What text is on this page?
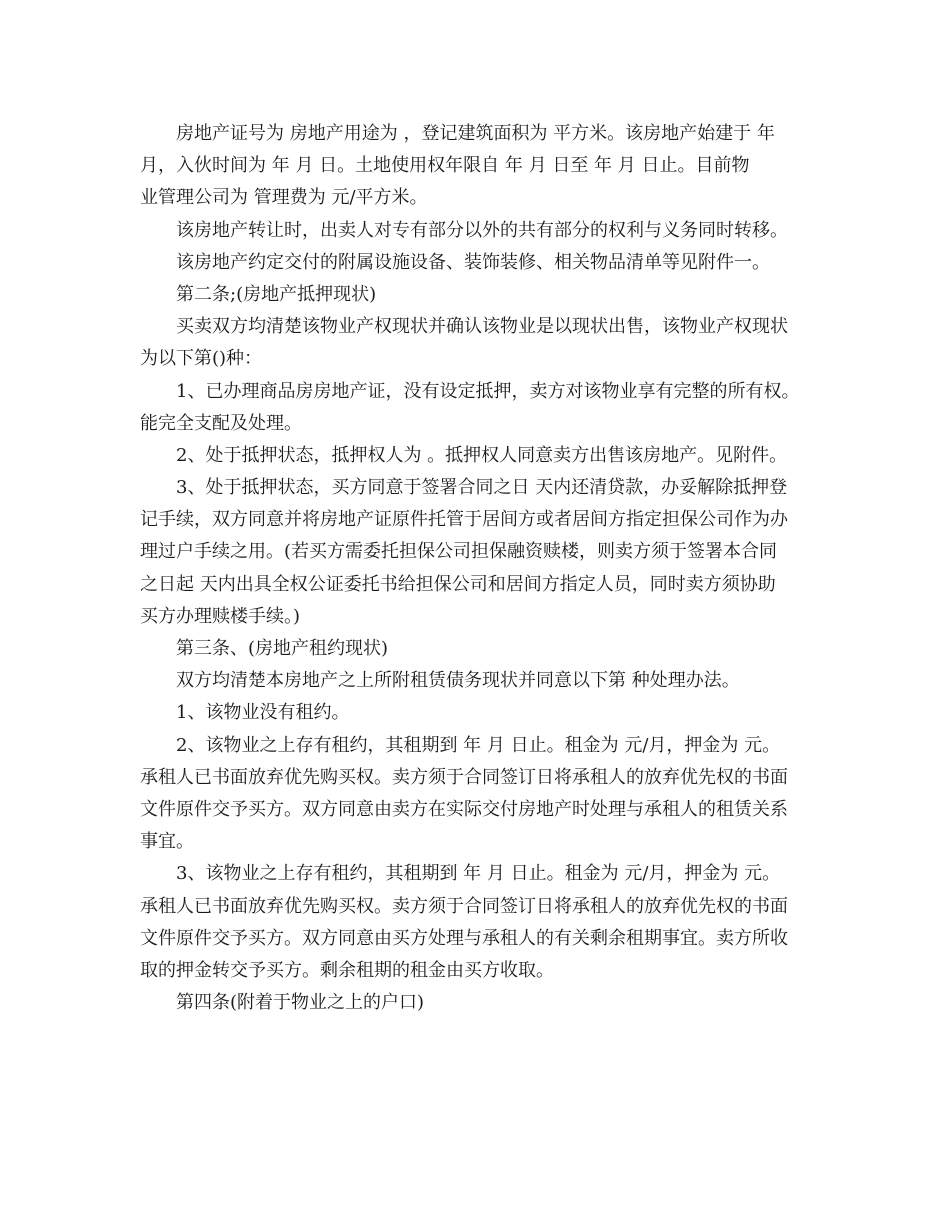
房地产证号为 房地产用途为 ，登记建筑面积为 平方米。该房地产始建于 年
月，入伙时间为 年 月 日。土地使用权年限自 年 月 日至 年 月 日止。目前物
业管理公司为 管理费为 元/平方米。
该房地产转让时，出卖人对专有部分以外的共有部分的权利与义务同时转移。
该房地产约定交付的附属设施设备、装饰装修、相关物品清单等见附件一。
第二条;(房地产抵押现状)
买卖双方均清楚该物业产权现状并确认该物业是以现状出售，该物业产权现状
为以下第()种：
1、已办理商品房房地产证，没有设定抵押，卖方对该物业享有完整的所有权。
能完全支配及处理。
2、处于抵押状态，抵押权人为 。抵押权人同意卖方出售该房地产。见附件。
3、处于抵押状态，买方同意于签署合同之日 天内还清贷款，办妥解除抵押登
记手续，双方同意并将房地产证原件托管于居间方或者居间方指定担保公司作为办
理过户手续之用。(若买方需委托担保公司担保融资赎楼，则卖方须于签署本合同
之日起 天内出具全权公证委托书给担保公司和居间方指定人员，同时卖方须协助
买方办理赎楼手续。)
第三条、(房地产租约现状)
双方均清楚本房地产之上所附租赁债务现状并同意以下第 种处理办法。
1、该物业没有租约。
2、该物业之上存有租约，其租期到 年 月 日止。租金为 元/月，押金为 元。
承租人已书面放弃优先购买权。卖方须于合同签订日将承租人的放弃优先权的书面
文件原件交予买方。双方同意由卖方在实际交付房地产时处理与承租人的租赁关系
事宜。
3、该物业之上存有租约，其租期到 年 月 日止。租金为 元/月，押金为 元。
承租人已书面放弃优先购买权。卖方须于合同签订日将承租人的放弃优先权的书面
文件原件交予买方。双方同意由买方处理与承租人的有关剩余租期事宜。卖方所收
取的押金转交予买方。剩余租期的租金由买方收取。
第四条(附着于物业之上的户口)
